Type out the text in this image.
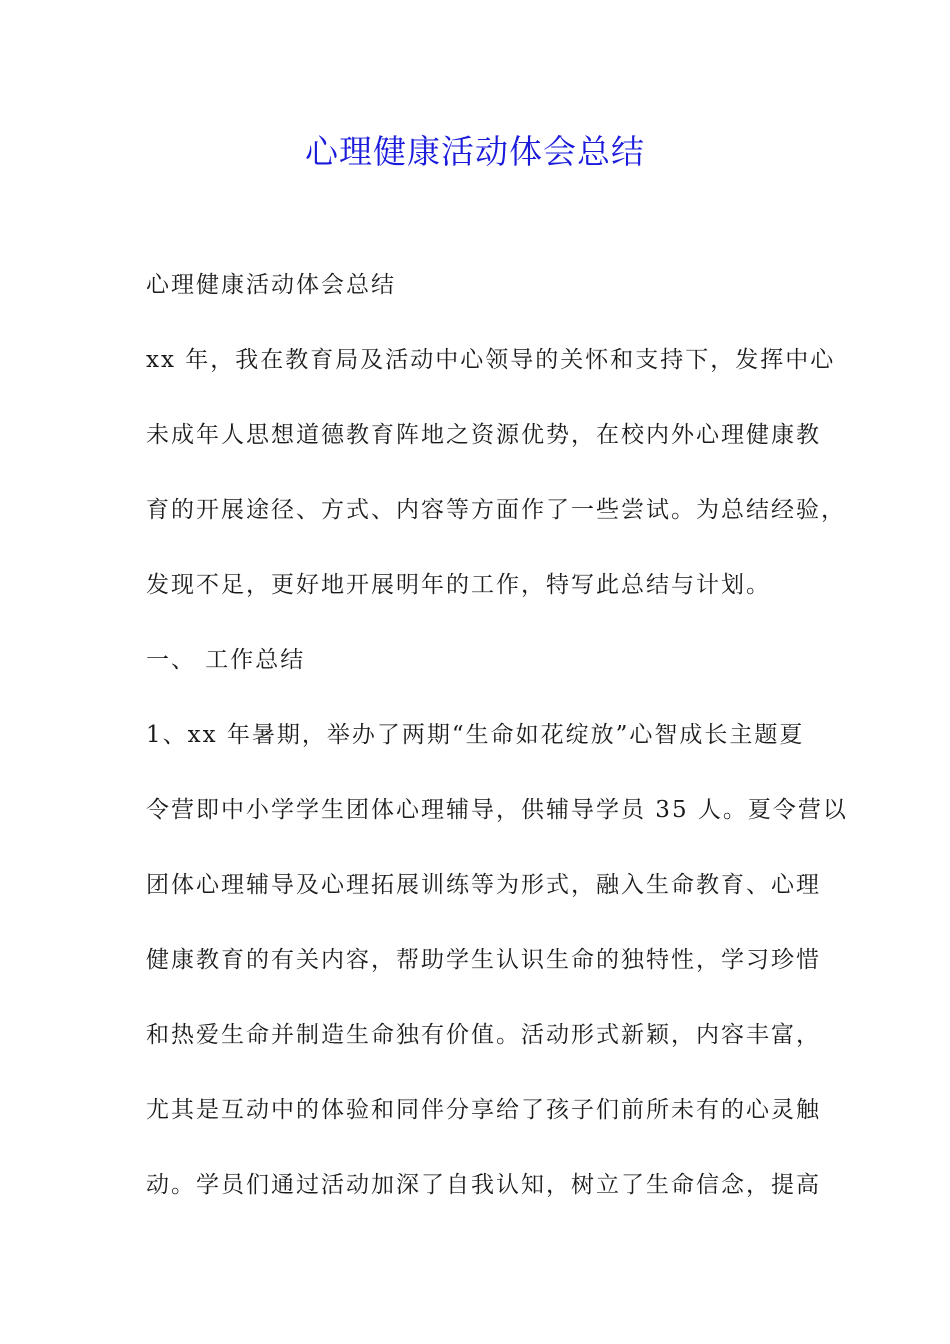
心理健康活动体会总结
心理健康活动体会总结
xx 年，我在教育局及活动中心领导的关怀和支持下，发挥中心
未成年人思想道德教育阵地之资源优势，在校内外心理健康教
育的开展途径、方式、内容等方面作了一些尝试。为总结经验，
发现不足，更好地开展明年的工作，特写此总结与计划。
一、 工作总结
1、xx 年暑期，举办了两期“生命如花绽放”心智成长主题夏
令营即中小学学生团体心理辅导，供辅导学员 35 人。夏令营以
团体心理辅导及心理拓展训练等为形式，融入生命教育、心理
健康教育的有关内容，帮助学生认识生命的独特性，学习珍惜
和热爱生命并制造生命独有价值。活动形式新颖，内容丰富，
尤其是互动中的体验和同伴分享给了孩子们前所未有的心灵触
动。学员们通过活动加深了自我认知，树立了生命信念，提高
